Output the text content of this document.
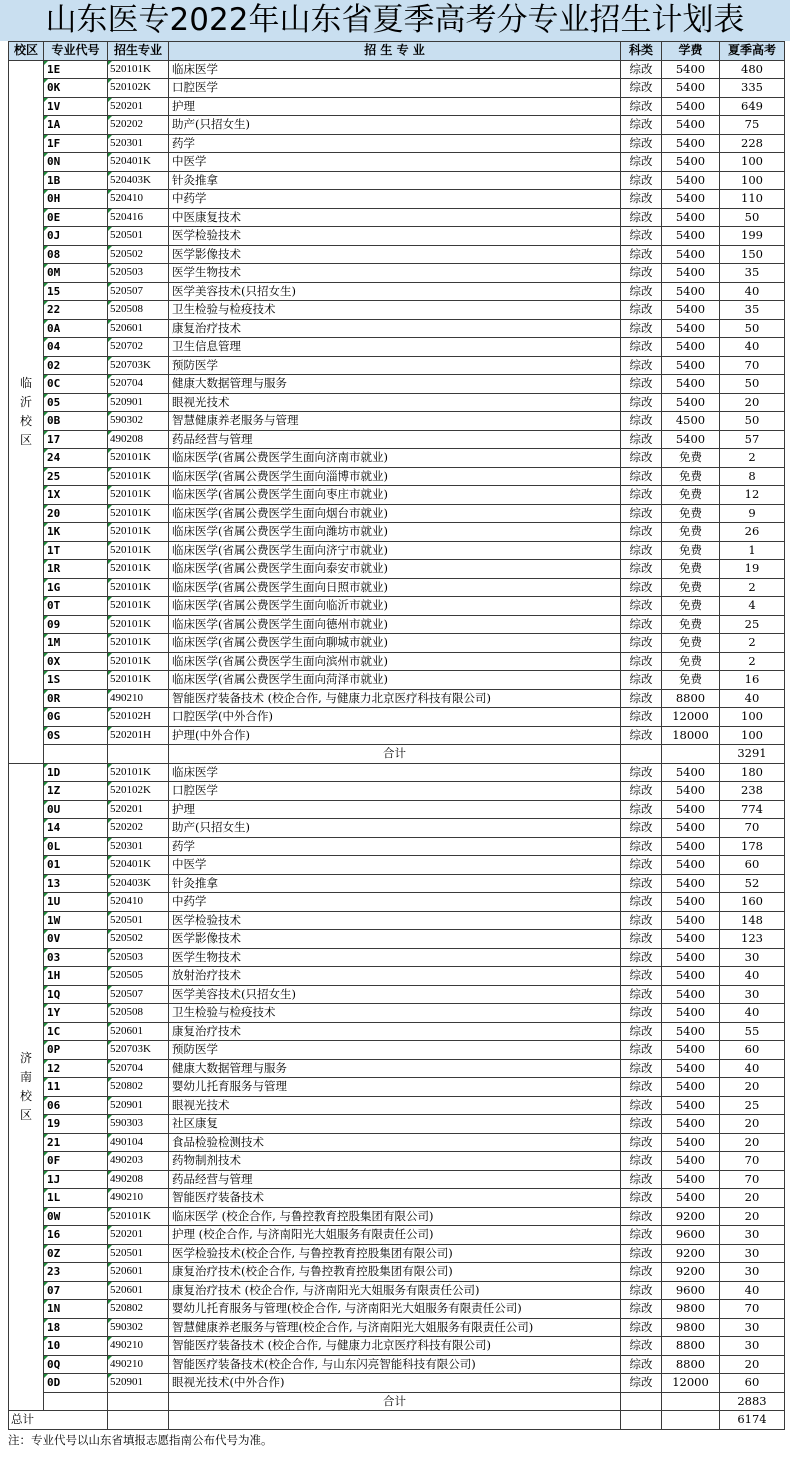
山东医专2022年山东省夏季高考分专业招生计划表
校区	专业代号	招生专业	招 生 专 业	科类	学费	夏季高考
临
沂
校
区	1E	520101K	临床医学	综改	5400	480
	0K	520102K	口腔医学	综改	5400	335
	1V	520201	护理	综改	5400	649
	1A	520202	助产(只招女生)	综改	5400	75
	1F	520301	药学	综改	5400	228
	0N	520401K	中医学	综改	5400	100
	1B	520403K	针灸推拿	综改	5400	100
	0H	520410	中药学	综改	5400	110
	0E	520416	中医康复技术	综改	5400	50
	0J	520501	医学检验技术	综改	5400	199
	08	520502	医学影像技术	综改	5400	150
	0M	520503	医学生物技术	综改	5400	35
	15	520507	医学美容技术(只招女生)	综改	5400	40
	22	520508	卫生检验与检疫技术	综改	5400	35
	0A	520601	康复治疗技术	综改	5400	50
	04	520702	卫生信息管理	综改	5400	40
	02	520703K	预防医学	综改	5400	70
	0C	520704	健康大数据管理与服务	综改	5400	50
	05	520901	眼视光技术	综改	5400	20
	0B	590302	智慧健康养老服务与管理	综改	4500	50
	17	490208	药品经营与管理	综改	5400	57
	24	520101K	临床医学(省属公费医学生面向济南市就业)	综改	免费	2
	25	520101K	临床医学(省属公费医学生面向淄博市就业)	综改	免费	8
	1X	520101K	临床医学(省属公费医学生面向枣庄市就业)	综改	免费	12
	20	520101K	临床医学(省属公费医学生面向烟台市就业)	综改	免费	9
	1K	520101K	临床医学(省属公费医学生面向潍坊市就业)	综改	免费	26
	1T	520101K	临床医学(省属公费医学生面向济宁市就业)	综改	免费	1
	1R	520101K	临床医学(省属公费医学生面向泰安市就业)	综改	免费	19
	1G	520101K	临床医学(省属公费医学生面向日照市就业)	综改	免费	2
	0T	520101K	临床医学(省属公费医学生面向临沂市就业)	综改	免费	4
	09	520101K	临床医学(省属公费医学生面向德州市就业)	综改	免费	25
	1M	520101K	临床医学(省属公费医学生面向聊城市就业)	综改	免费	2
	0X	520101K	临床医学(省属公费医学生面向滨州市就业)	综改	免费	2
	1S	520101K	临床医学(省属公费医学生面向菏泽市就业)	综改	免费	16
	0R	490210	智能医疗装备技术 (校企合作, 与健康力北京医疗科技有限公司)	综改	8800	40
	0G	520102H	口腔医学(中外合作)	综改	12000	100
	0S	520201H	护理(中外合作)	综改	18000	100
			合计			3291
济
南
校
区	1D	520101K	临床医学	综改	5400	180
	1Z	520102K	口腔医学	综改	5400	238
	0U	520201	护理	综改	5400	774
	14	520202	助产(只招女生)	综改	5400	70
	0L	520301	药学	综改	5400	178
	01	520401K	中医学	综改	5400	60
	13	520403K	针灸推拿	综改	5400	52
	1U	520410	中药学	综改	5400	160
	1W	520501	医学检验技术	综改	5400	148
	0V	520502	医学影像技术	综改	5400	123
	03	520503	医学生物技术	综改	5400	30
	1H	520505	放射治疗技术	综改	5400	40
	1Q	520507	医学美容技术(只招女生)	综改	5400	30
	1Y	520508	卫生检验与检疫技术	综改	5400	40
	1C	520601	康复治疗技术	综改	5400	55
	0P	520703K	预防医学	综改	5400	60
	12	520704	健康大数据管理与服务	综改	5400	40
	11	520802	婴幼儿托育服务与管理	综改	5400	20
	06	520901	眼视光技术	综改	5400	25
	19	590303	社区康复	综改	5400	20
	21	490104	食品检验检测技术	综改	5400	20
	0F	490203	药物制剂技术	综改	5400	70
	1J	490208	药品经营与管理	综改	5400	70
	1L	490210	智能医疗装备技术	综改	5400	20
	0W	520101K	临床医学 (校企合作, 与鲁控教育控股集团有限公司)	综改	9200	20
	16	520201	护理 (校企合作, 与济南阳光大姐服务有限责任公司)	综改	9600	30
	0Z	520501	医学检验技术(校企合作, 与鲁控教育控股集团有限公司)	综改	9200	30
	23	520601	康复治疗技术(校企合作, 与鲁控教育控股集团有限公司)	综改	9200	30
	07	520601	康复治疗技术 (校企合作, 与济南阳光大姐服务有限责任公司)	综改	9600	40
	1N	520802	婴幼儿托育服务与管理(校企合作, 与济南阳光大姐服务有限责任公司)	综改	9800	70
	18	590302	智慧健康养老服务与管理(校企合作, 与济南阳光大姐服务有限责任公司)	综改	9800	30
	10	490210	智能医疗装备技术 (校企合作, 与健康力北京医疗科技有限公司)	综改	8800	30
	0Q	490210	智能医疗装备技术(校企合作, 与山东闪亮智能科技有限公司)	综改	8800	20
	0D	520901	眼视光技术(中外合作)	综改	12000	60
			合计			2883
总计						6174
注：专业代号以山东省填报志愿指南公布代号为准。
